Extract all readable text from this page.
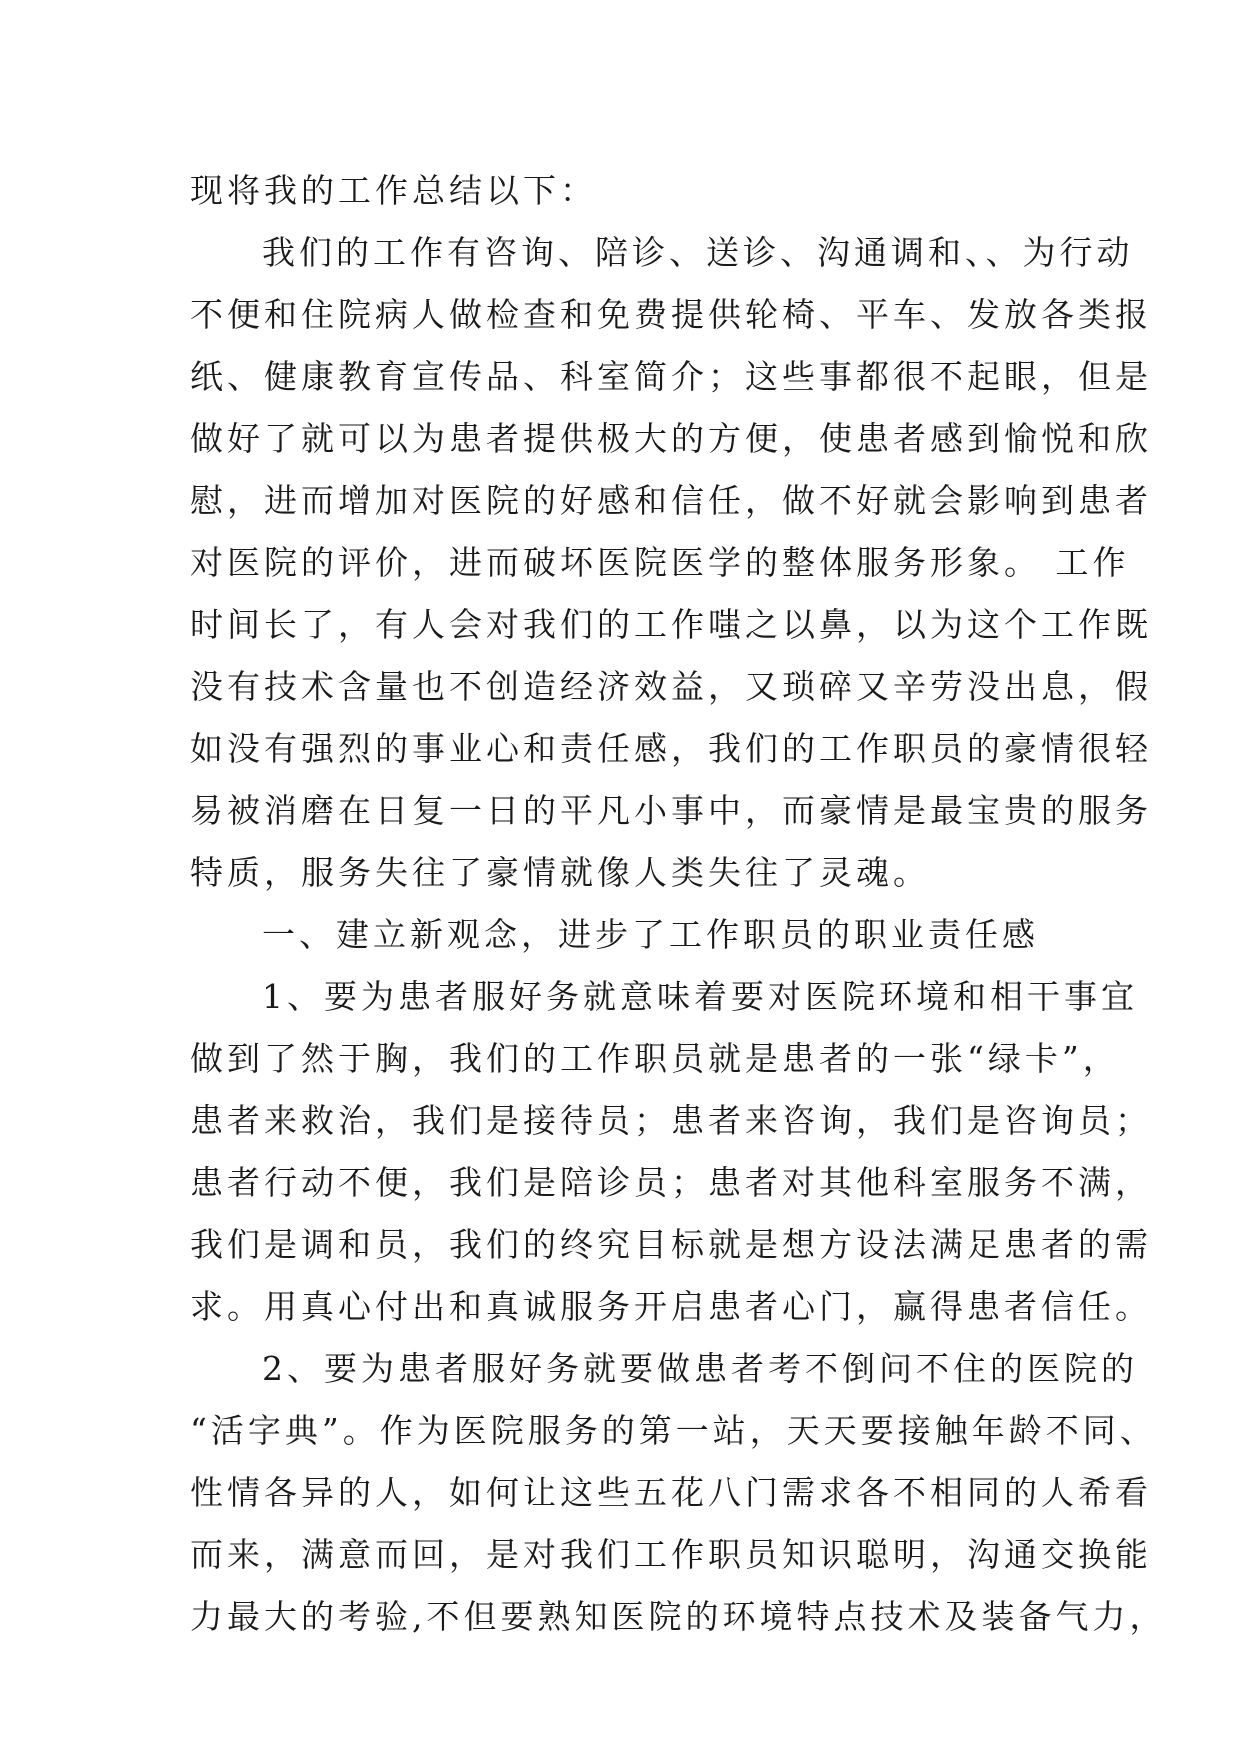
现将我的工作总结以下：
我们的工作有咨询、陪诊、送诊、沟通调和、、为行动
不便和住院病人做检查和免费提供轮椅、平车、发放各类报
纸、健康教育宣传品、科室简介；这些事都很不起眼，但是
做好了就可以为患者提供极大的方便，使患者感到愉悦和欣
慰，进而增加对医院的好感和信任，做不好就会影响到患者
对医院的评价，进而破坏医院医学的整体服务形象。 工作
时间长了，有人会对我们的工作嗤之以鼻，以为这个工作既
没有技术含量也不创造经济效益，又琐碎又辛劳没出息，假
如没有强烈的事业心和责任感，我们的工作职员的豪情很轻
易被消磨在日复一日的平凡小事中，而豪情是最宝贵的服务
特质，服务失往了豪情就像人类失往了灵魂。
一、建立新观念，进步了工作职员的职业责任感
1、要为患者服好务就意味着要对医院环境和相干事宜
做到了然于胸，我们的工作职员就是患者的一张“绿卡”，
患者来救治，我们是接待员；患者来咨询，我们是咨询员；
患者行动不便，我们是陪诊员；患者对其他科室服务不满，
我们是调和员，我们的终究目标就是想方设法满足患者的需
求。用真心付出和真诚服务开启患者心门，赢得患者信任。
2、要为患者服好务就要做患者考不倒问不住的医院的
“活字典”。作为医院服务的第一站，天天要接触年龄不同、
性情各异的人，如何让这些五花八门需求各不相同的人希看
而来，满意而回，是对我们工作职员知识聪明，沟通交换能
力最大的考验,不但要熟知医院的环境特点技术及装备气力，
